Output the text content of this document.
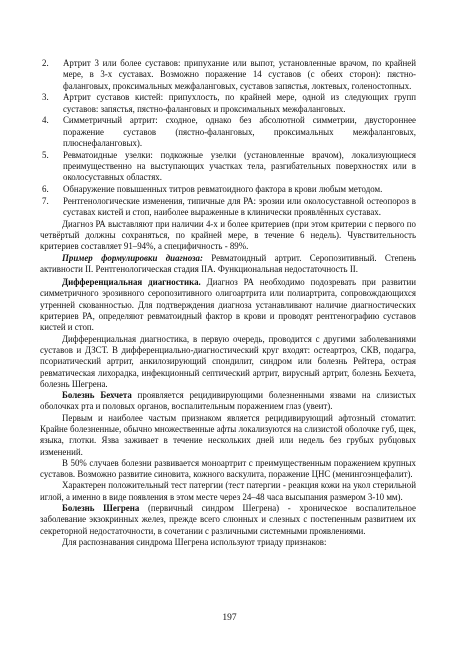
2.	Артрит 3 или более суставов: припухание или выпот, установленные врачом, по крайней мере, в 3-х суставах. Возможно поражение 14 суставов (с обеих сторон): пястно-фаланговых, проксимальных межфаланговых, суставов запястья, локтевых, голеностопных.
3.	Артрит суставов кистей: припухлость, по крайней мере, одной из следующих групп суставов: запястья, пястно-фаланговых и проксимальных межфаланговых.
4.	Симметричный артрит: сходное, однако без абсолютной симметрии, двустороннее поражение суставов (пястно-фаланговых, проксимальных межфаланговых, плюснефаланговых).
5.	Ревматоидные узелки: подкожные узелки (установленные врачом), локализующиеся преимущественно на выступающих участках тела, разгибательных поверхностях или в околосуставных областях.
6.	Обнаружение повышенных титров ревматоидного фактора в крови любым методом.
7.	Рентгенологические изменения, типичные для РА: эрозии или околосуставной остеопороз в суставах кистей и стоп, наиболее выраженные в клинически проявлённых суставах.

Диагноз РА выставляют при наличии 4-х и более критериев (при этом критерии с первого по четвёртый должны сохраняться, по крайней мере, в течение 6 недель). Чувствительность критериев составляет 91–94%, а специфичность - 89%.

Пример формулировки диагноза: Ревматоидный артрит. Серопозитивный. Степень активности II. Рентгенологическая стадия IIА. Функциональная недостаточность II.

Дифференциальная диагностика. Диагноз РА необходимо подозревать при развитии симметричного эрозивного серопозитивного олигоартрита или полиартрита, сопровождающихся утренней скованностью. Для подтверждения диагноза устанавливают наличие диагностических критериев РА, определяют ревматоидный фактор в крови и проводят рентгенографию суставов кистей и стоп.

Дифференциальная диагностика, в первую очередь, проводится с другими заболеваниями суставов и ДЗСТ. В дифференциально-диагностический круг входят: остеартроз, СКВ, подагра, псориатический артрит, анкилозирующий спондилит, синдром или болезнь Рейтера, острая ревматическая лихорадка, инфекционный септический артрит, вирусный артрит, болезнь Бехчета, болезнь Шегрена.

Болезнь Бехчета проявляется рецидивирующими болезненными язвами на слизистых оболочках рта и половых органов, воспалительным поражением глаз (увеит).

Первым и наиболее частым признаком является рецидивирующий афтозный стоматит. Крайне болезненные, обычно множественные афты локализуются на слизистой оболочке губ, щек, языка, глотки. Язва заживает в течение нескольких дней или недель без грубых рубцовых изменений.

В 50% случаев болезни развивается моноартрит с преимущественным поражением крупных суставов. Возможно развитие синовита, кожного васкулита, поражение ЦНС (менингоэнцефалит).

Характерен положительный тест патергии (тест патергии - реакция кожи на укол стерильной иглой, а именно в виде появления в этом месте через 24–48 часа высыпания размером 3-10 мм).

Болезнь Шегрена (первичный синдром Шегрена) - хроническое воспалительное заболевание экзокринных желез, прежде всего слюнных и слезных с постепенным развитием их секреторной недостаточности, в сочетании с различными системными проявлениями.

Для распознавания синдрома Шегрена используют триаду признаков:

197
